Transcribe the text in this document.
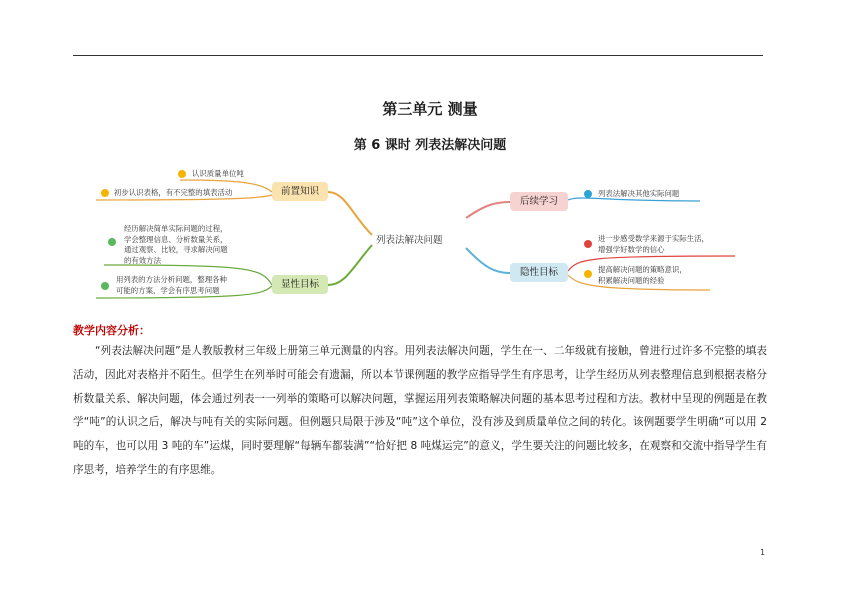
第三单元 测量
第 6 课时 列表法解决问题
列表法解决问题
前置知识
认识质量单位吨
初步认识表格，有不完整的填表活动
显性目标
经历解决简单实际问题的过程，
学会整理信息、分析数量关系，
通过观察、比较，寻求解决问题
的有效方法
用列表的方法分析问题，整理各种
可能的方案，学会有序思考问题
后续学习
列表法解决其他实际问题
隐性目标
进一步感受数学来源于实际生活，
增强学好数学的信心
提高解决问题的策略意识，
积累解决问题的经验
教学内容分析：
“列表法解决问题”是人教版教材三年级上册第三单元测量的内容。用列表法解决问题，学生在一、二年级就有接触，曾进行过许多不完整的填表活动，因此对表格并不陌生。但学生在列举时可能会有遗漏，所以本节课例题的教学应指导学生有序思考，让学生经历从列表整理信息到根据表格分析数量关系、解决问题，体会通过列表一一列举的策略可以解决问题，掌握运用列表策略解决问题的基本思考过程和方法。教材中呈现的例题是在教学“吨”的认识之后，解决与吨有关的实际问题。但例题只局限于涉及“吨”这个单位，没有涉及到质量单位之间的转化。该例题要学生明确“可以用 2 吨的车，也可以用 3 吨的车”运煤，同时要理解“每辆车都装满”“恰好把 8 吨煤运完”的意义，学生要关注的问题比较多，在观察和交流中指导学生有序思考，培养学生的有序思维。
1
